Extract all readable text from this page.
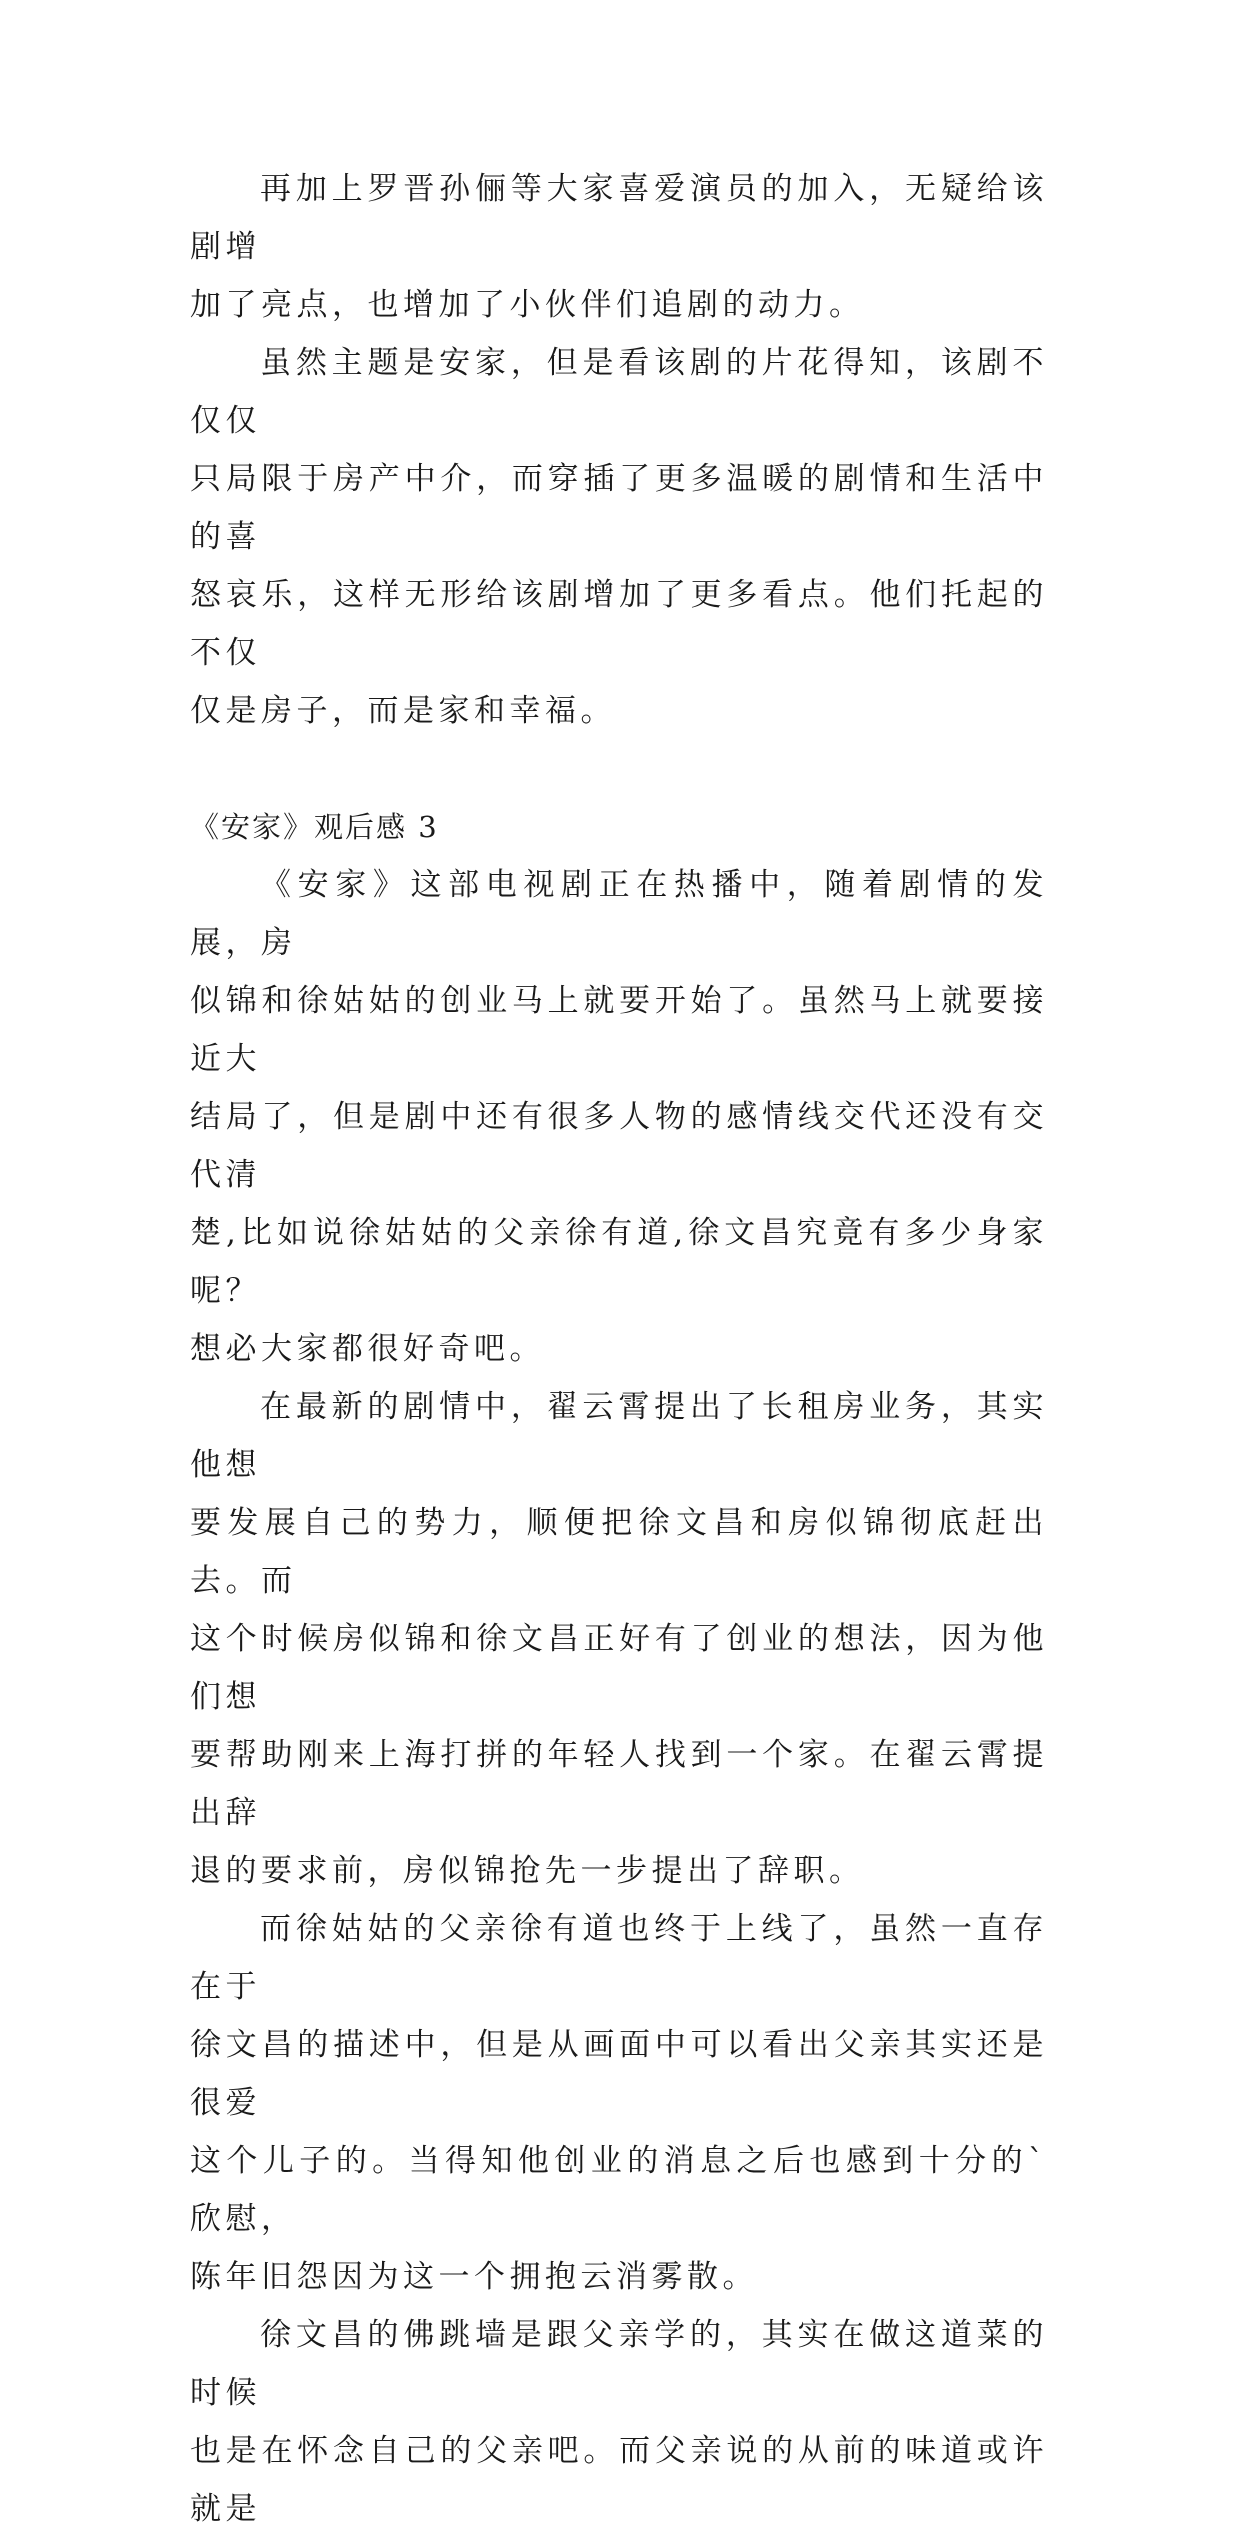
再加上罗晋孙俪等大家喜爱演员的加入，无疑给该剧增
加了亮点，也增加了小伙伴们追剧的动力。

虽然主题是安家，但是看该剧的片花得知，该剧不仅仅
只局限于房产中介，而穿插了更多温暖的剧情和生活中的喜
怒哀乐，这样无形给该剧增加了更多看点。他们托起的不仅
仅是房子，而是家和幸福。

《安家》观后感 3

《安家》这部电视剧正在热播中，随着剧情的发展，房
似锦和徐姑姑的创业马上就要开始了。虽然马上就要接近大
结局了，但是剧中还有很多人物的感情线交代还没有交代清
楚,比如说徐姑姑的父亲徐有道,徐文昌究竟有多少身家呢？
想必大家都很好奇吧。

在最新的剧情中，翟云霄提出了长租房业务，其实他想
要发展自己的势力，顺便把徐文昌和房似锦彻底赶出去。而
这个时候房似锦和徐文昌正好有了创业的想法，因为他们想
要帮助刚来上海打拼的年轻人找到一个家。在翟云霄提出辞
退的要求前，房似锦抢先一步提出了辞职。

而徐姑姑的父亲徐有道也终于上线了，虽然一直存在于
徐文昌的描述中，但是从画面中可以看出父亲其实还是很爱
这个儿子的。当得知他创业的消息之后也感到十分的`欣慰，
陈年旧怨因为这一个拥抱云消雾散。

徐文昌的佛跳墙是跟父亲学的，其实在做这道菜的时候
也是在怀念自己的父亲吧。而父亲说的从前的味道或许就是
